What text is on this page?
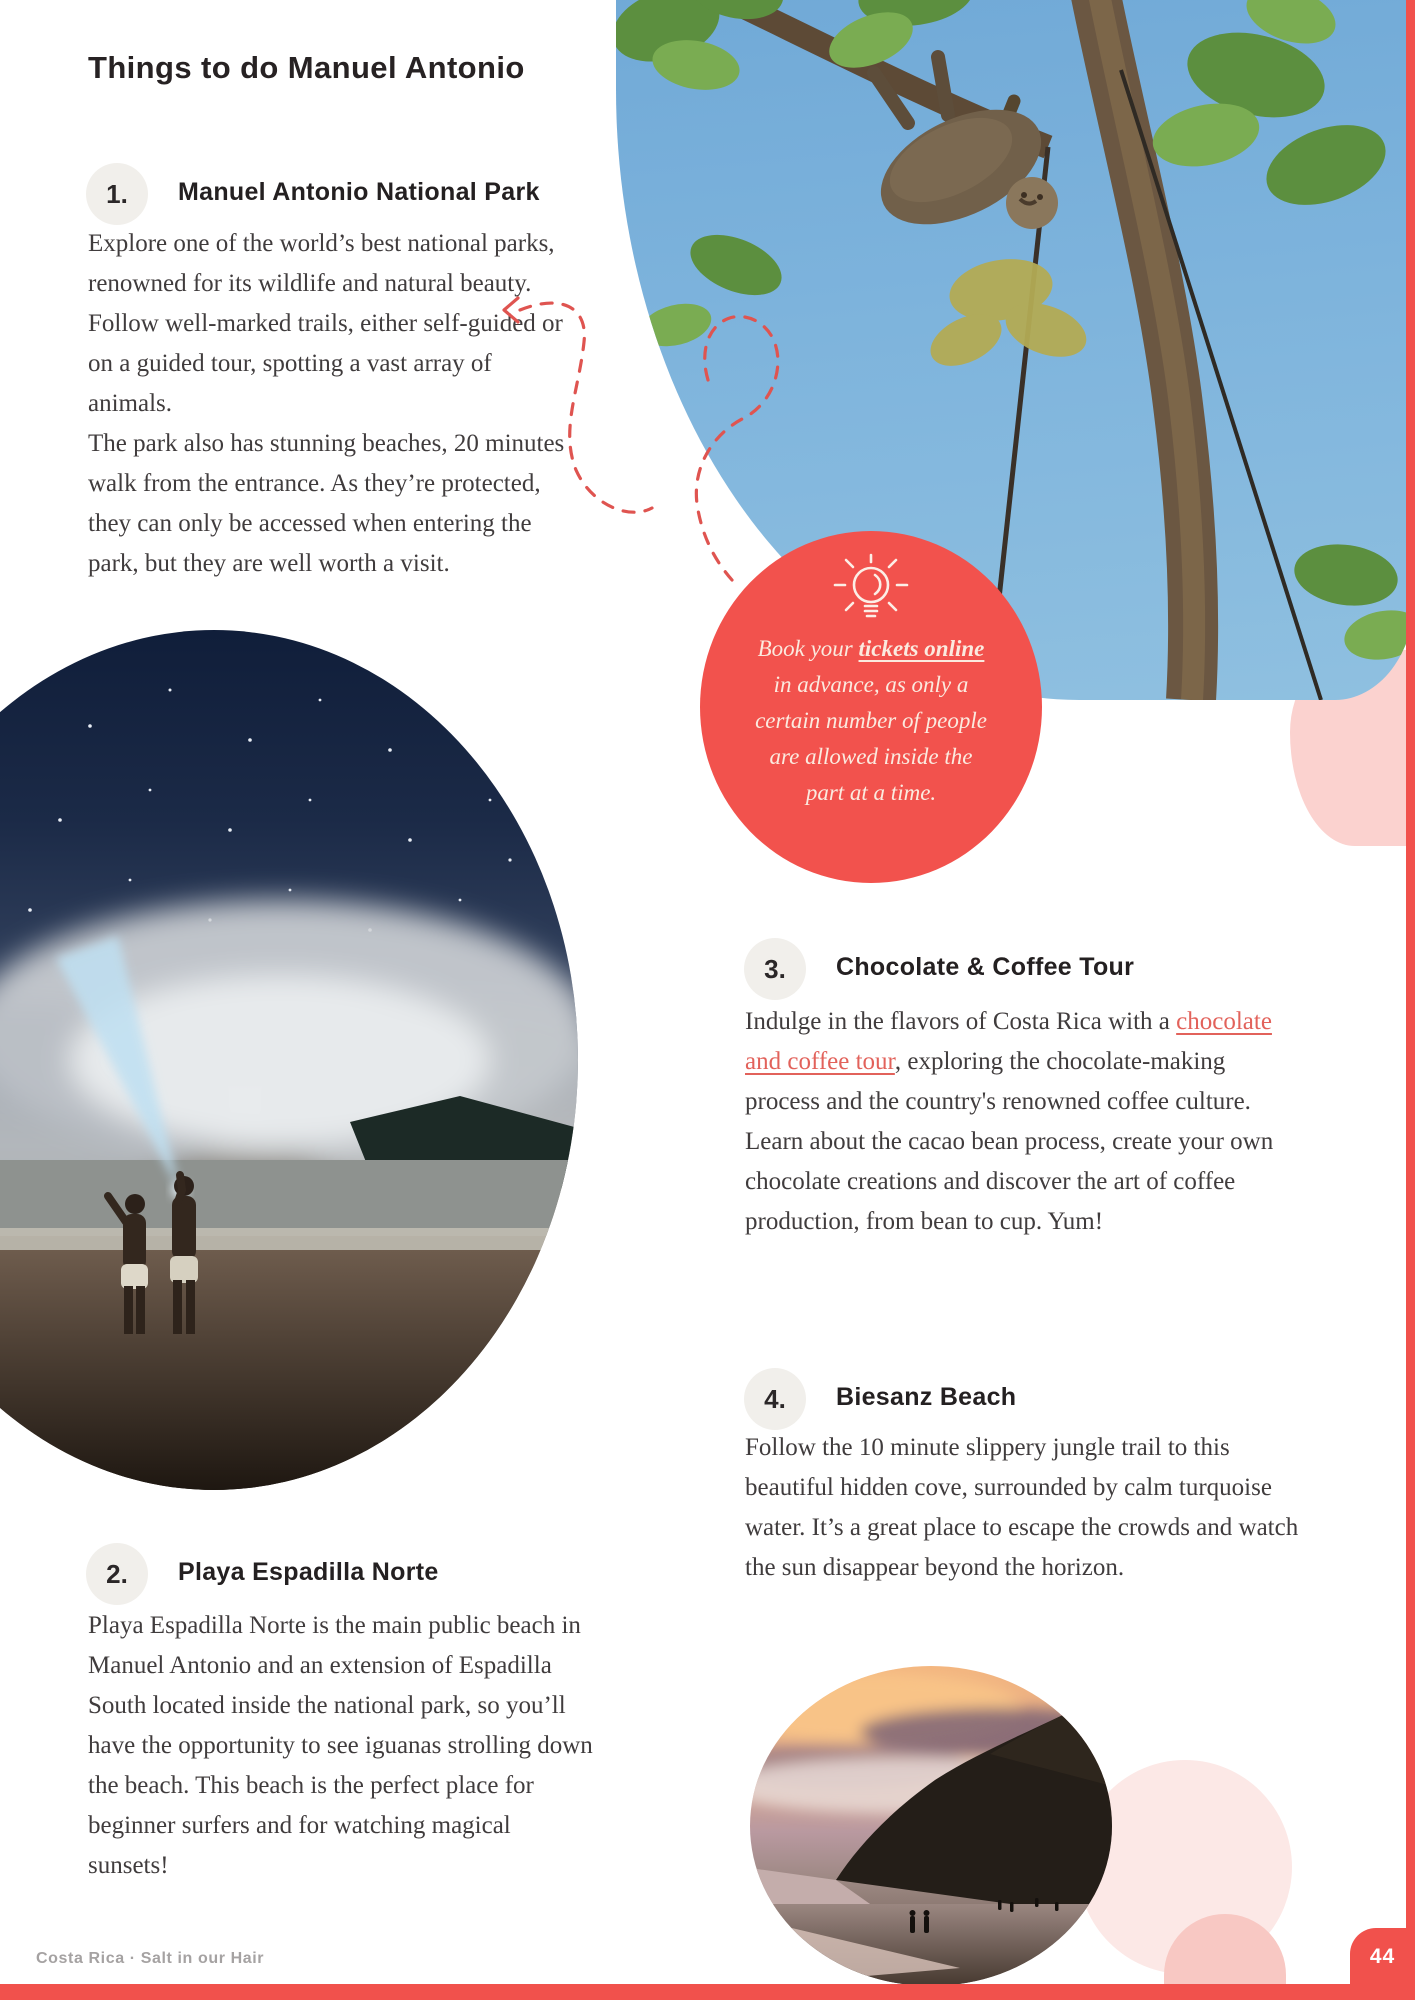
Things to do Manuel Antonio
1. Manuel Antonio National Park

Explore one of the world’s best national parks, renowned for its wildlife and natural beauty. Follow well-marked trails, either self-guided or on a guided tour, spotting a vast array of animals.

The park also has stunning beaches, 20 minutes walk from the entrance. As they’re protected, they can only be accessed when entering the park, but they are well worth a visit.

2. Playa Espadilla Norte

Playa Espadilla Norte is the main public beach in Manuel Antonio and an extension of Espadilla South located inside the national park, so you’ll have the opportunity to see iguanas strolling down the beach. This beach is the perfect place for beginner surfers and for watching magical sunsets!

3. Chocolate & Coffee Tour

Indulge in the flavors of Costa Rica with a chocolate and coffee tour, exploring the chocolate-making process and the country's renowned coffee culture. Learn about the cacao bean process, create your own chocolate creations and discover the art of coffee production, from bean to cup. Yum!

4. Biesanz Beach

Follow the 10 minute slippery jungle trail to this beautiful hidden cove, surrounded by calm turquoise water. It’s a great place to escape the crowds and watch the sun disappear beyond the horizon.

Book your tickets online in advance, as only a certain number of people are allowed inside the part at a time.
Costa Rica · Salt in our Hair	44
